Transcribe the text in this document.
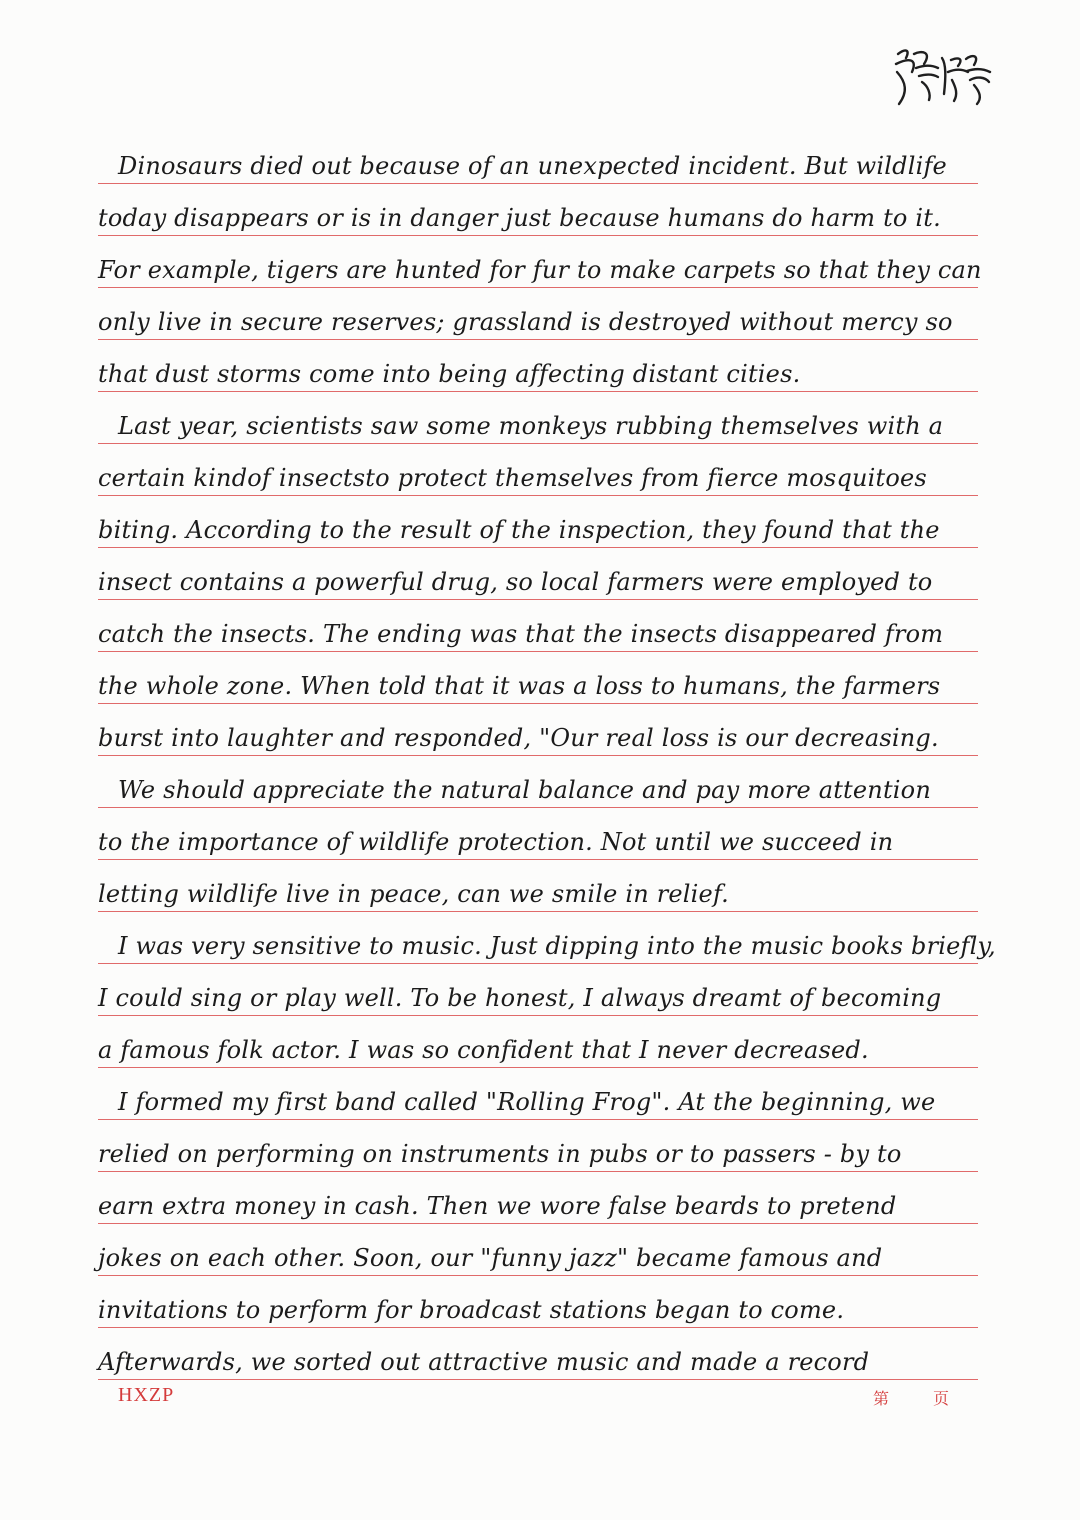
Dinosaurs died out because of an unexpected incident. But wildlife
today disappears or is in danger just because humans do harm to it.
For example, tigers are hunted for fur to make carpets so that they can
only live in secure reserves; grassland is destroyed without mercy so
that dust storms come into being affecting distant cities.
Last year, scientists saw some monkeys rubbing themselves with a
certain kindof insectsto protect themselves from fierce mosquitoes
biting. According to the result of the inspection, they found that the
insect contains a powerful drug, so local farmers were employed to
catch the insects. The ending was that the insects disappeared from
the whole zone. When told that it was a loss to humans, the farmers
burst into laughter and responded, "Our real loss is our decreasing.
We should appreciate the natural balance and pay more attention
to the importance of wildlife protection. Not until we succeed in
letting wildlife live in peace, can we smile in relief.
I was very sensitive to music. Just dipping into the music books briefly,
I could sing or play well. To be honest, I always dreamt of becoming
a famous folk actor. I was so confident that I never decreased.
I formed my first band called "Rolling Frog". At the beginning, we
relied on performing on instruments in pubs or to passers - by to
earn extra money in cash. Then we wore false beards to pretend
jokes on each other. Soon, our "funny jazz" became famous and
invitations to perform for broadcast stations began to come.
Afterwards, we sorted out attractive music and made a record
HXZP	第	页
